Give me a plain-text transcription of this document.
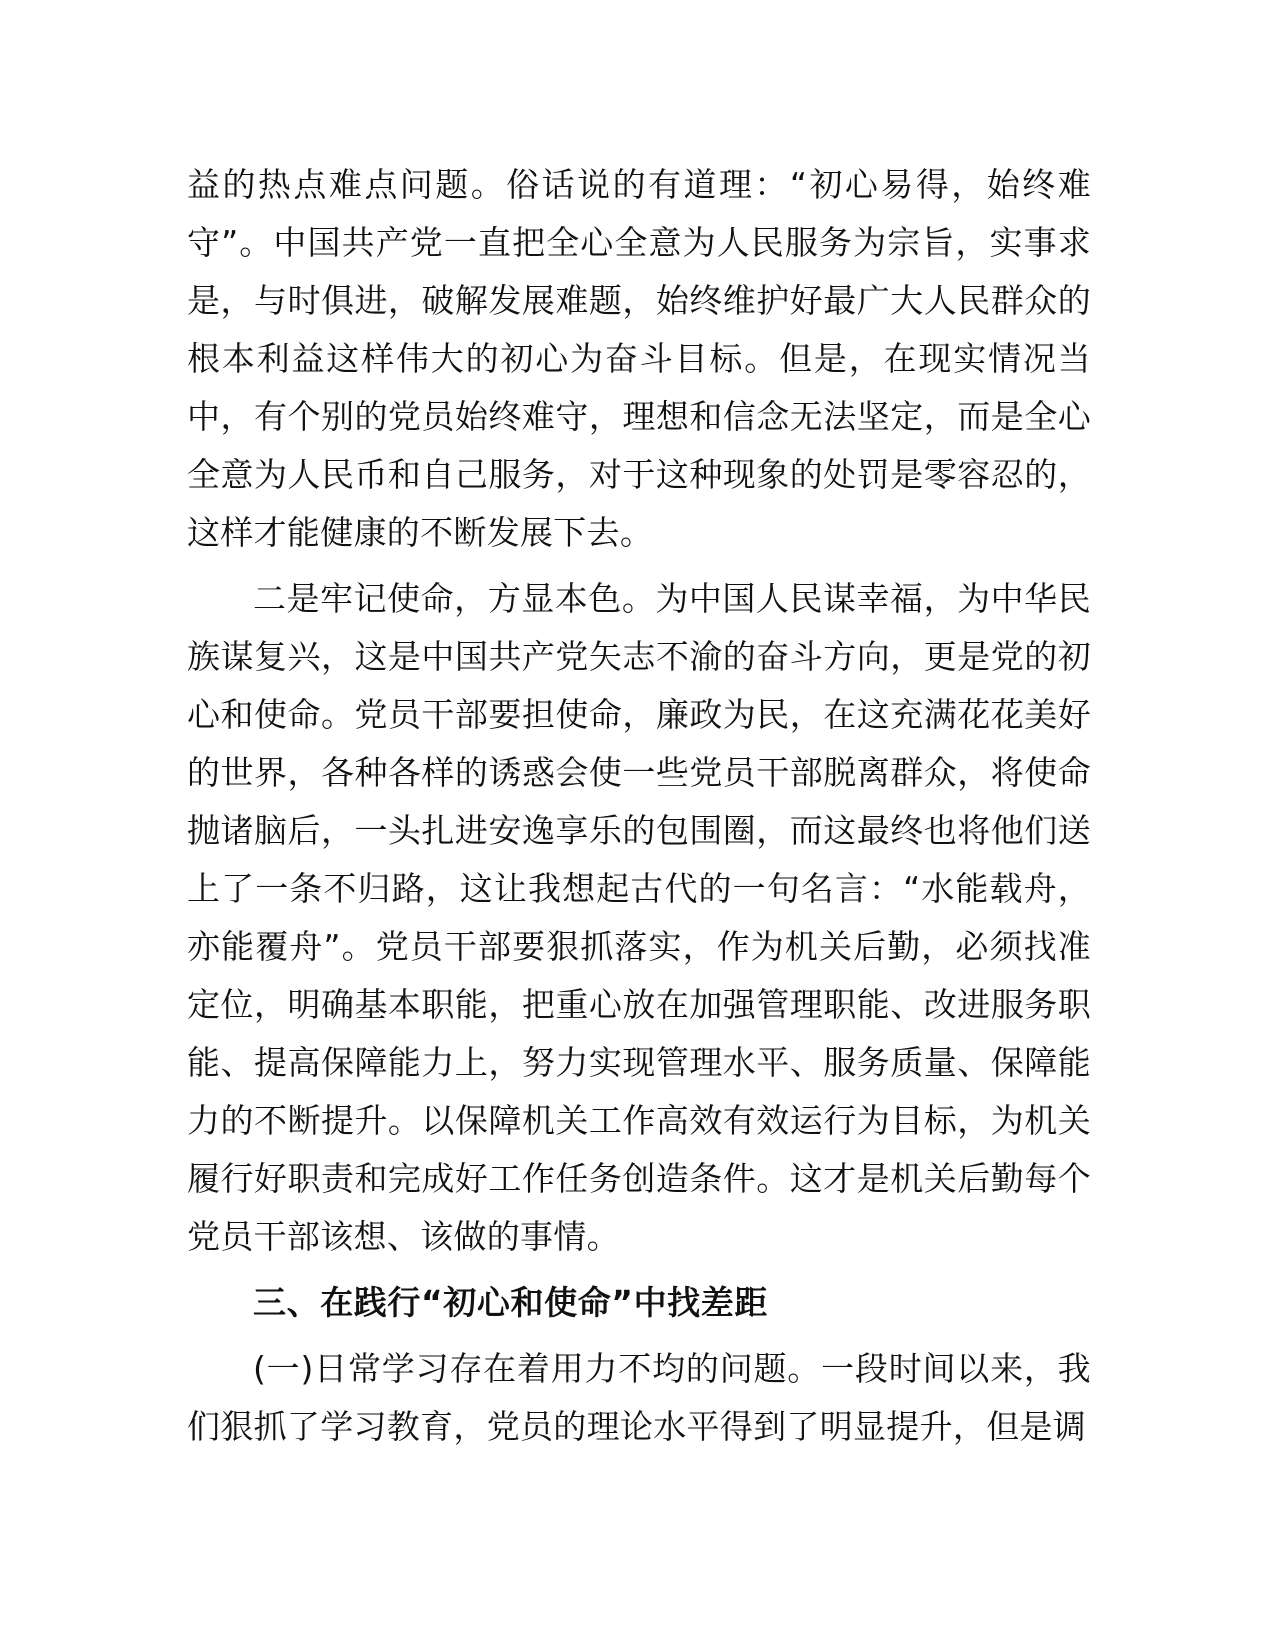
益的热点难点问题。俗话说的有道理：“初心易得，始终难守”。中国共产党一直把全心全意为人民服务为宗旨，实事求是，与时俱进，破解发展难题，始终维护好最广大人民群众的根本利益这样伟大的初心为奋斗目标。但是，在现实情况当中，有个别的党员始终难守，理想和信念无法坚定，而是全心全意为人民币和自己服务，对于这种现象的处罚是零容忍的，这样才能健康的不断发展下去。

二是牢记使命，方显本色。为中国人民谋幸福，为中华民族谋复兴，这是中国共产党矢志不渝的奋斗方向，更是党的初心和使命。党员干部要担使命，廉政为民，在这充满花花美好的世界，各种各样的诱惑会使一些党员干部脱离群众，将使命抛诸脑后，一头扎进安逸享乐的包围圈，而这最终也将他们送上了一条不归路，这让我想起古代的一句名言：“水能载舟，亦能覆舟”。党员干部要狠抓落实，作为机关后勤，必须找准定位，明确基本职能，把重心放在加强管理职能、改进服务职能、提高保障能力上，努力实现管理水平、服务质量、保障能力的不断提升。以保障机关工作高效有效运行为目标，为机关履行好职责和完成好工作任务创造条件。这才是机关后勤每个党员干部该想、该做的事情。

三、在践行“初心和使命”中找差距

(一)日常学习存在着用力不均的问题。一段时间以来，我们狠抓了学习教育，党员的理论水平得到了明显提升，但是调
